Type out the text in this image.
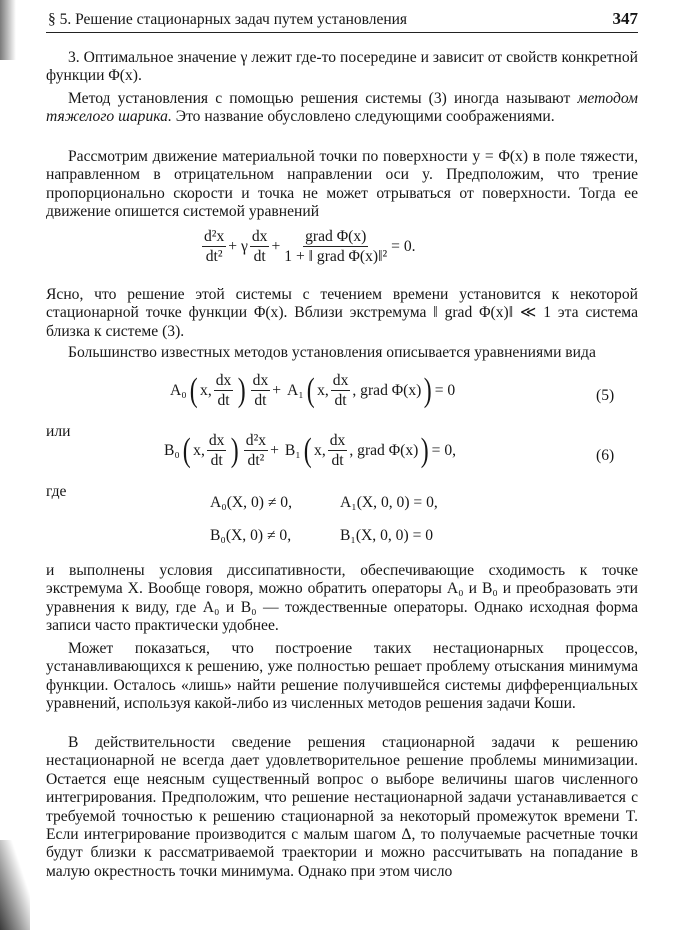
§ 5. Решение стационарных задач путем установления	347

3. Оптимальное значение γ лежит где-то посередине и зависит от свойств конкретной функции Φ(x).

Метод установления с помощью решения системы (3) иногда называют методом тяжелого шарика. Это название обусловлено следующими соображениями.

Рассмотрим движение материальной точки по поверхности y = Φ(x) в поле тяжести, направленном в отрицательном направлении оси y. Предположим, что трение пропорционально скорости и точка не может отрываться от поверхности. Тогда ее движение опишется системой уравнений

$\frac{\text{d²x}}{\text{dt²}} + \gamma \frac{dx}{dt} + \frac{\text{grad Φ(x)}}{\text{1 + ‖ grad Φ(x)‖²}} = 0$.

Ясно, что решение этой системы с течением времени установится к некоторой стационарной точке функции Φ(x). Вблизи экстремума ‖ grad Φ(x)‖ ≪ 1 эта система близка к системе (3).

Большинство известных методов установления описывается уравнениями вида

A₀ ( x, $\frac{dx}{dt}$ ) $\frac{dx}{dt} + A_1$ ( x, $\frac{dx}{dt}$ , grad Φ(x) ) = 0	(5)
или
B₀ ( x, $\frac{dx}{dt}$ ) $\frac{\text{d²x}}{\text{dt²}} + B_1$ ( x, $\frac{dx}{dt}$ , grad Φ(x) ) = 0,	(6)
где
A₀(X, 0) ≠ 0,	A₁(X, 0, 0) = 0,
B₀(X, 0) ≠ 0,	B₁(X, 0, 0) = 0

и выполнены условия диссипативности, обеспечивающие сходимость к точке экстремума X. Вообще говоря, можно обратить операторы A₀ и B₀ и преобразовать эти уравнения к виду, где A₀ и B₀ — тождественные операторы. Однако исходная форма записи часто практически удобнее.

Может показаться, что построение таких нестационарных процессов, устанавливающихся к решению, уже полностью решает проблему отыскания минимума функции. Осталось «лишь» найти решение получившейся системы дифференциальных уравнений, используя какой-либо из численных методов решения задачи Коши.

В действительности сведение решения стационарной задачи к решению нестационарной не всегда дает удовлетворительное решение проблемы минимизации. Остается еще неясным существенный вопрос о выборе величины шагов численного интегрирования. Предположим, что решение нестационарной задачи устанавливается с требуемой точностью к решению стационарной за некоторый промежуток времени T. Если интегрирование производится с малым шагом Δ, то получаемые расчетные точки будут близки к рассматриваемой траектории и можно рассчитывать на попадание в малую окрестность точки минимума. Однако при этом число
